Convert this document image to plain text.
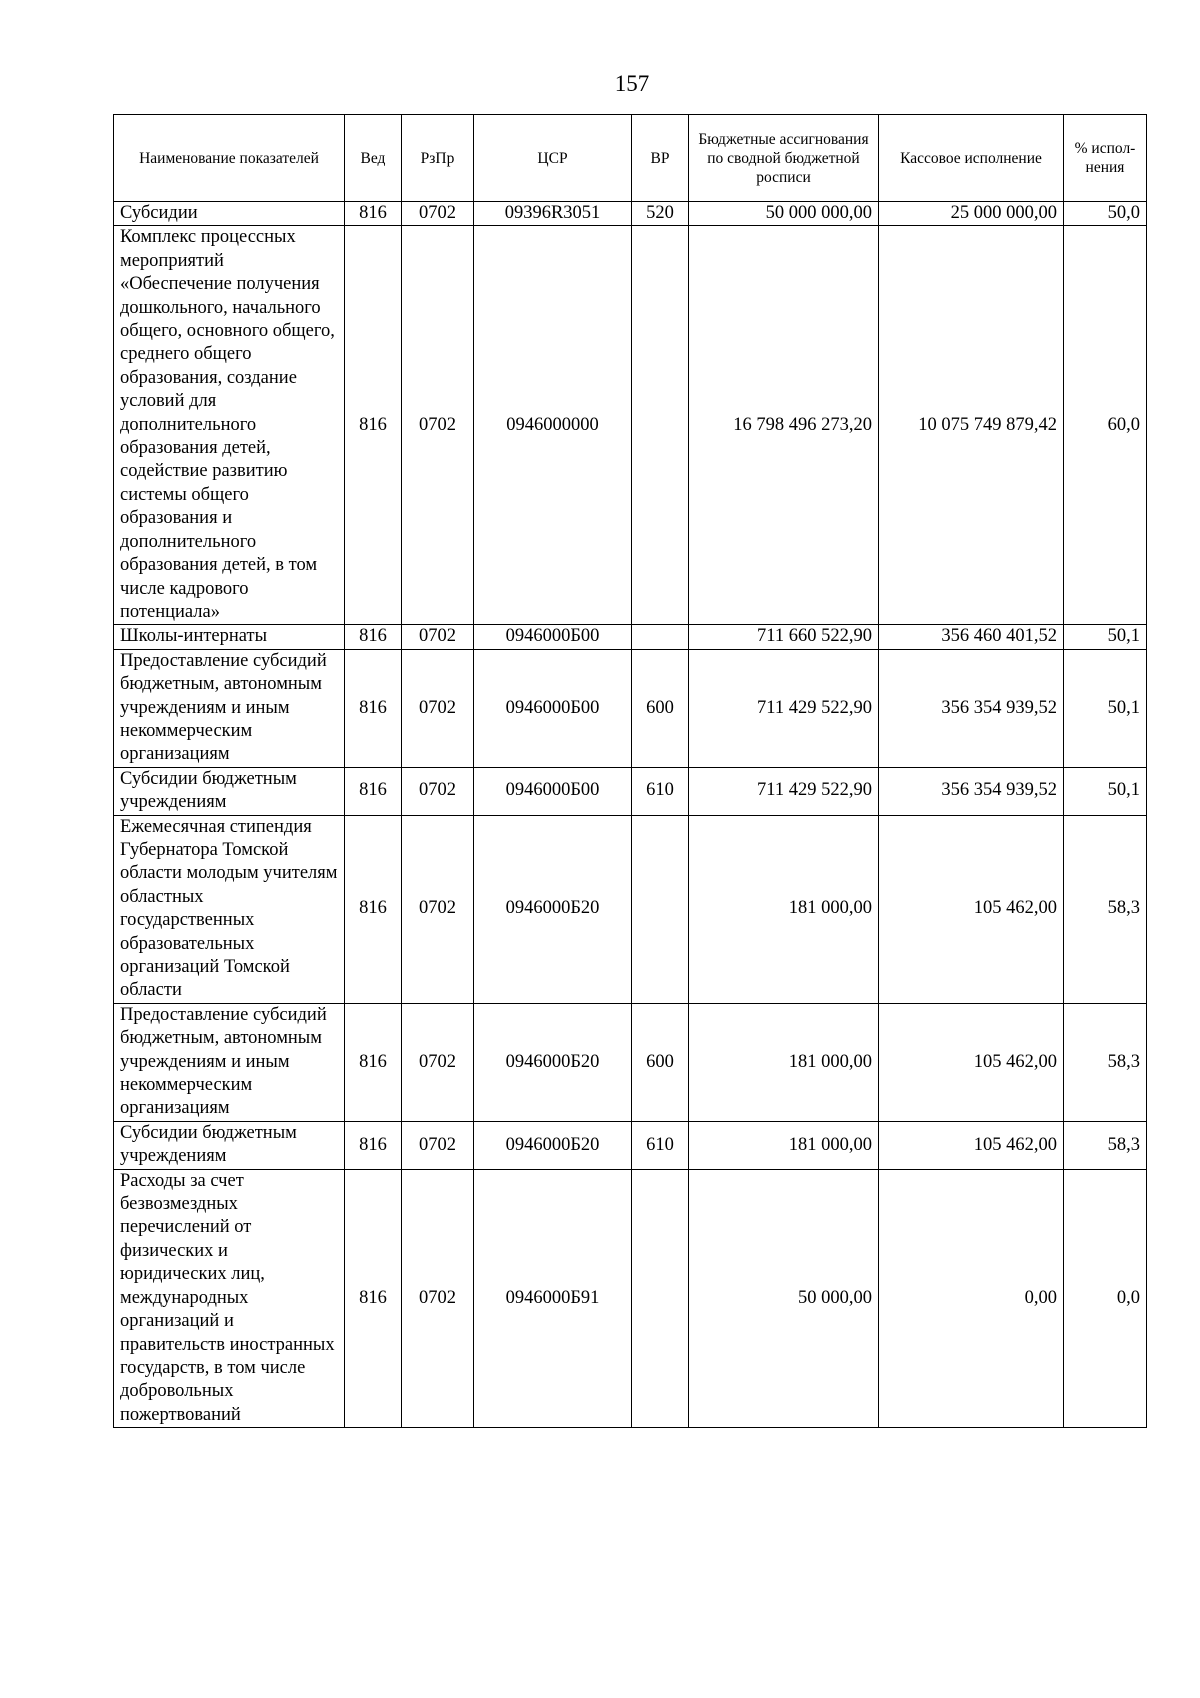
157
Наименование показателей	Вед	РзПр	ЦСР	ВР	Бюджетные ассигнования по сводной бюджетной росписи	Кассовое исполнение	% испол-нения
Субсидии	816	0702	09396R3051	520	50 000 000,00	25 000 000,00	50,0
Комплекс процессных мероприятий «Обеспечение получения дошкольного, начального общего, основного общего, среднего общего образования, создание условий для дополнительного образования детей, содействие развитию системы общего образования и дополнительного образования детей, в том числе кадрового потенциала»	816	0702	0946000000		16 798 496 273,20	10 075 749 879,42	60,0
Школы-интернаты	816	0702	0946000Б00		711 660 522,90	356 460 401,52	50,1
Предоставление субсидий бюджетным, автономным учреждениям и иным некоммерческим организациям	816	0702	0946000Б00	600	711 429 522,90	356 354 939,52	50,1
Субсидии бюджетным учреждениям	816	0702	0946000Б00	610	711 429 522,90	356 354 939,52	50,1
Ежемесячная стипендия Губернатора Томской области молодым учителям областных государственных образовательных организаций Томской области	816	0702	0946000Б20		181 000,00	105 462,00	58,3
Предоставление субсидий бюджетным, автономным учреждениям и иным некоммерческим организациям	816	0702	0946000Б20	600	181 000,00	105 462,00	58,3
Субсидии бюджетным учреждениям	816	0702	0946000Б20	610	181 000,00	105 462,00	58,3
Расходы за счет безвозмездных перечислений от физических и юридических лиц, международных организаций и правительств иностранных государств, в том числе добровольных пожертвований	816	0702	0946000Б91		50 000,00	0,00	0,0
